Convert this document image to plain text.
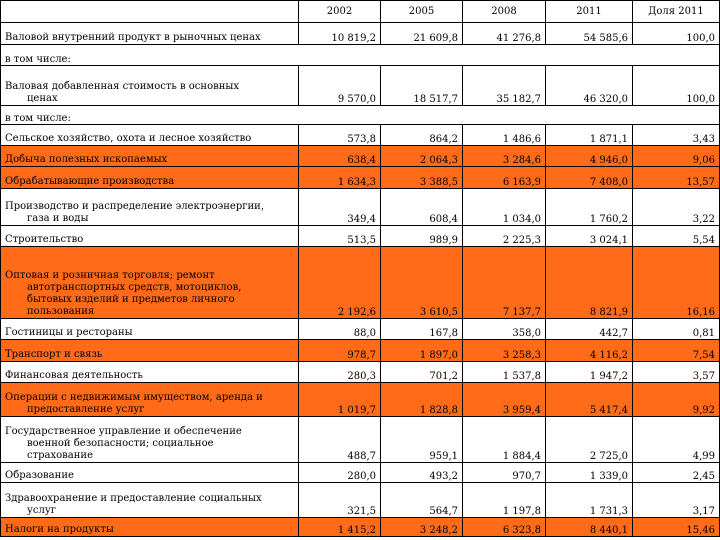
	2002	2005	2008	2011	Доля 2011

Валовой внутренний продукт в рыночных ценах	10 819,2	21 609,8	41 276,8	54 585,6	100,0
в том числе:					

Валовая добавленная стоимость в основных
ценах	9 570,0	18 517,7	35 182,7	46 320,0	100,0
в том числе:					

Сельское хозяйство, охота и лесное хозяйство	573,8	864,2	1 486,6	1 871,1	3,43

Добыча полезных ископаемых	638,4	2 064,3	3 284,6	4 946,0	9,06

Обрабатывающие производства	1 634,3	3 388,5	6 163,9	7 408,0	13,57

Производство и распределение электроэнергии,
газа и воды	349,4	608,4	1 034,0	1 760,2	3,22

Строительство	513,5	989,9	2 225,3	3 024,1	5,54

Оптовая и розничная торговля; ремонт
автотранспортных средств, мотоциклов,
бытовых изделий и предметов личного
пользования	2 192,6	3 610,5	7 137,7	8 821,9	16,16

Гостиницы и рестораны	88,0	167,8	358,0	442,7	0,81

Транспорт и связь	978,7	1 897,0	3 258,3	4 116,2	7,54

Финансовая деятельность	280,3	701,2	1 537,8	1 947,2	3,57

Операции с недвижимым имуществом, аренда и
предоставление услуг	1 019,7	1 828,8	3 959,4	5 417,4	9,92

Государственное управление и обеспечение
военной безопасности; социальное
страхование	488,7	959,1	1 884,4	2 725,0	4,99

Образование	280,0	493,2	970,7	1 339,0	2,45

Здравоохранение и предоставление социальных
услуг	321,5	564,7	1 197,8	1 731,3	3,17

Налоги на продукты	1 415,2	3 248,2	6 323,8	8 440,1	15,46
